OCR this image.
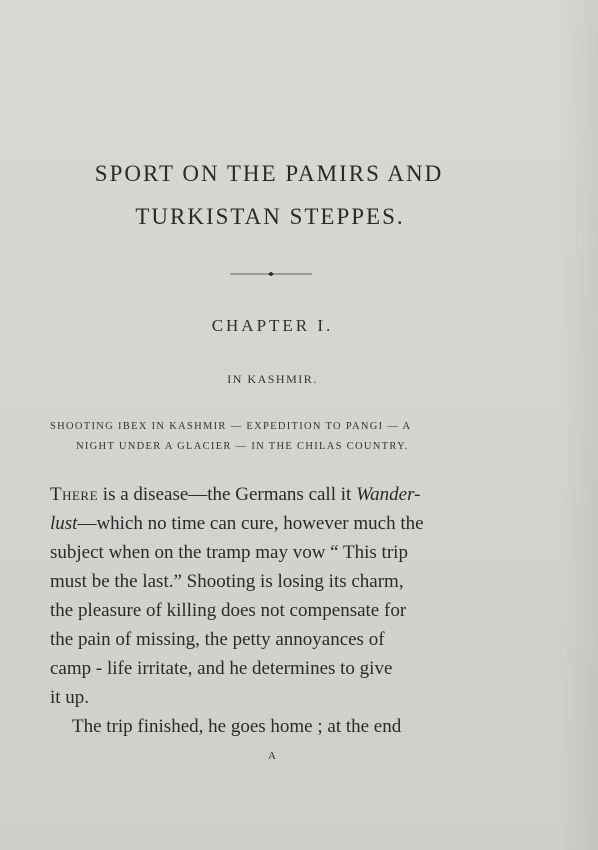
SPORT ON THE PAMIRS AND
TURKISTAN STEPPES.
CHAPTER I.
IN KASHMIR.
SHOOTING IBEX IN KASHMIR — EXPEDITION TO PANGI — A
NIGHT UNDER A GLACIER — IN THE CHILAS COUNTRY.
There is a disease—the Germans call it Wander-
lust—which no time can cure, however much the
subject when on the tramp may vow “ This trip
must be the last.” Shooting is losing its charm,
the pleasure of killing does not compensate for
the pain of missing, the petty annoyances of
camp - life irritate, and he determines to give
it up.
The trip finished, he goes home ; at the end
A
